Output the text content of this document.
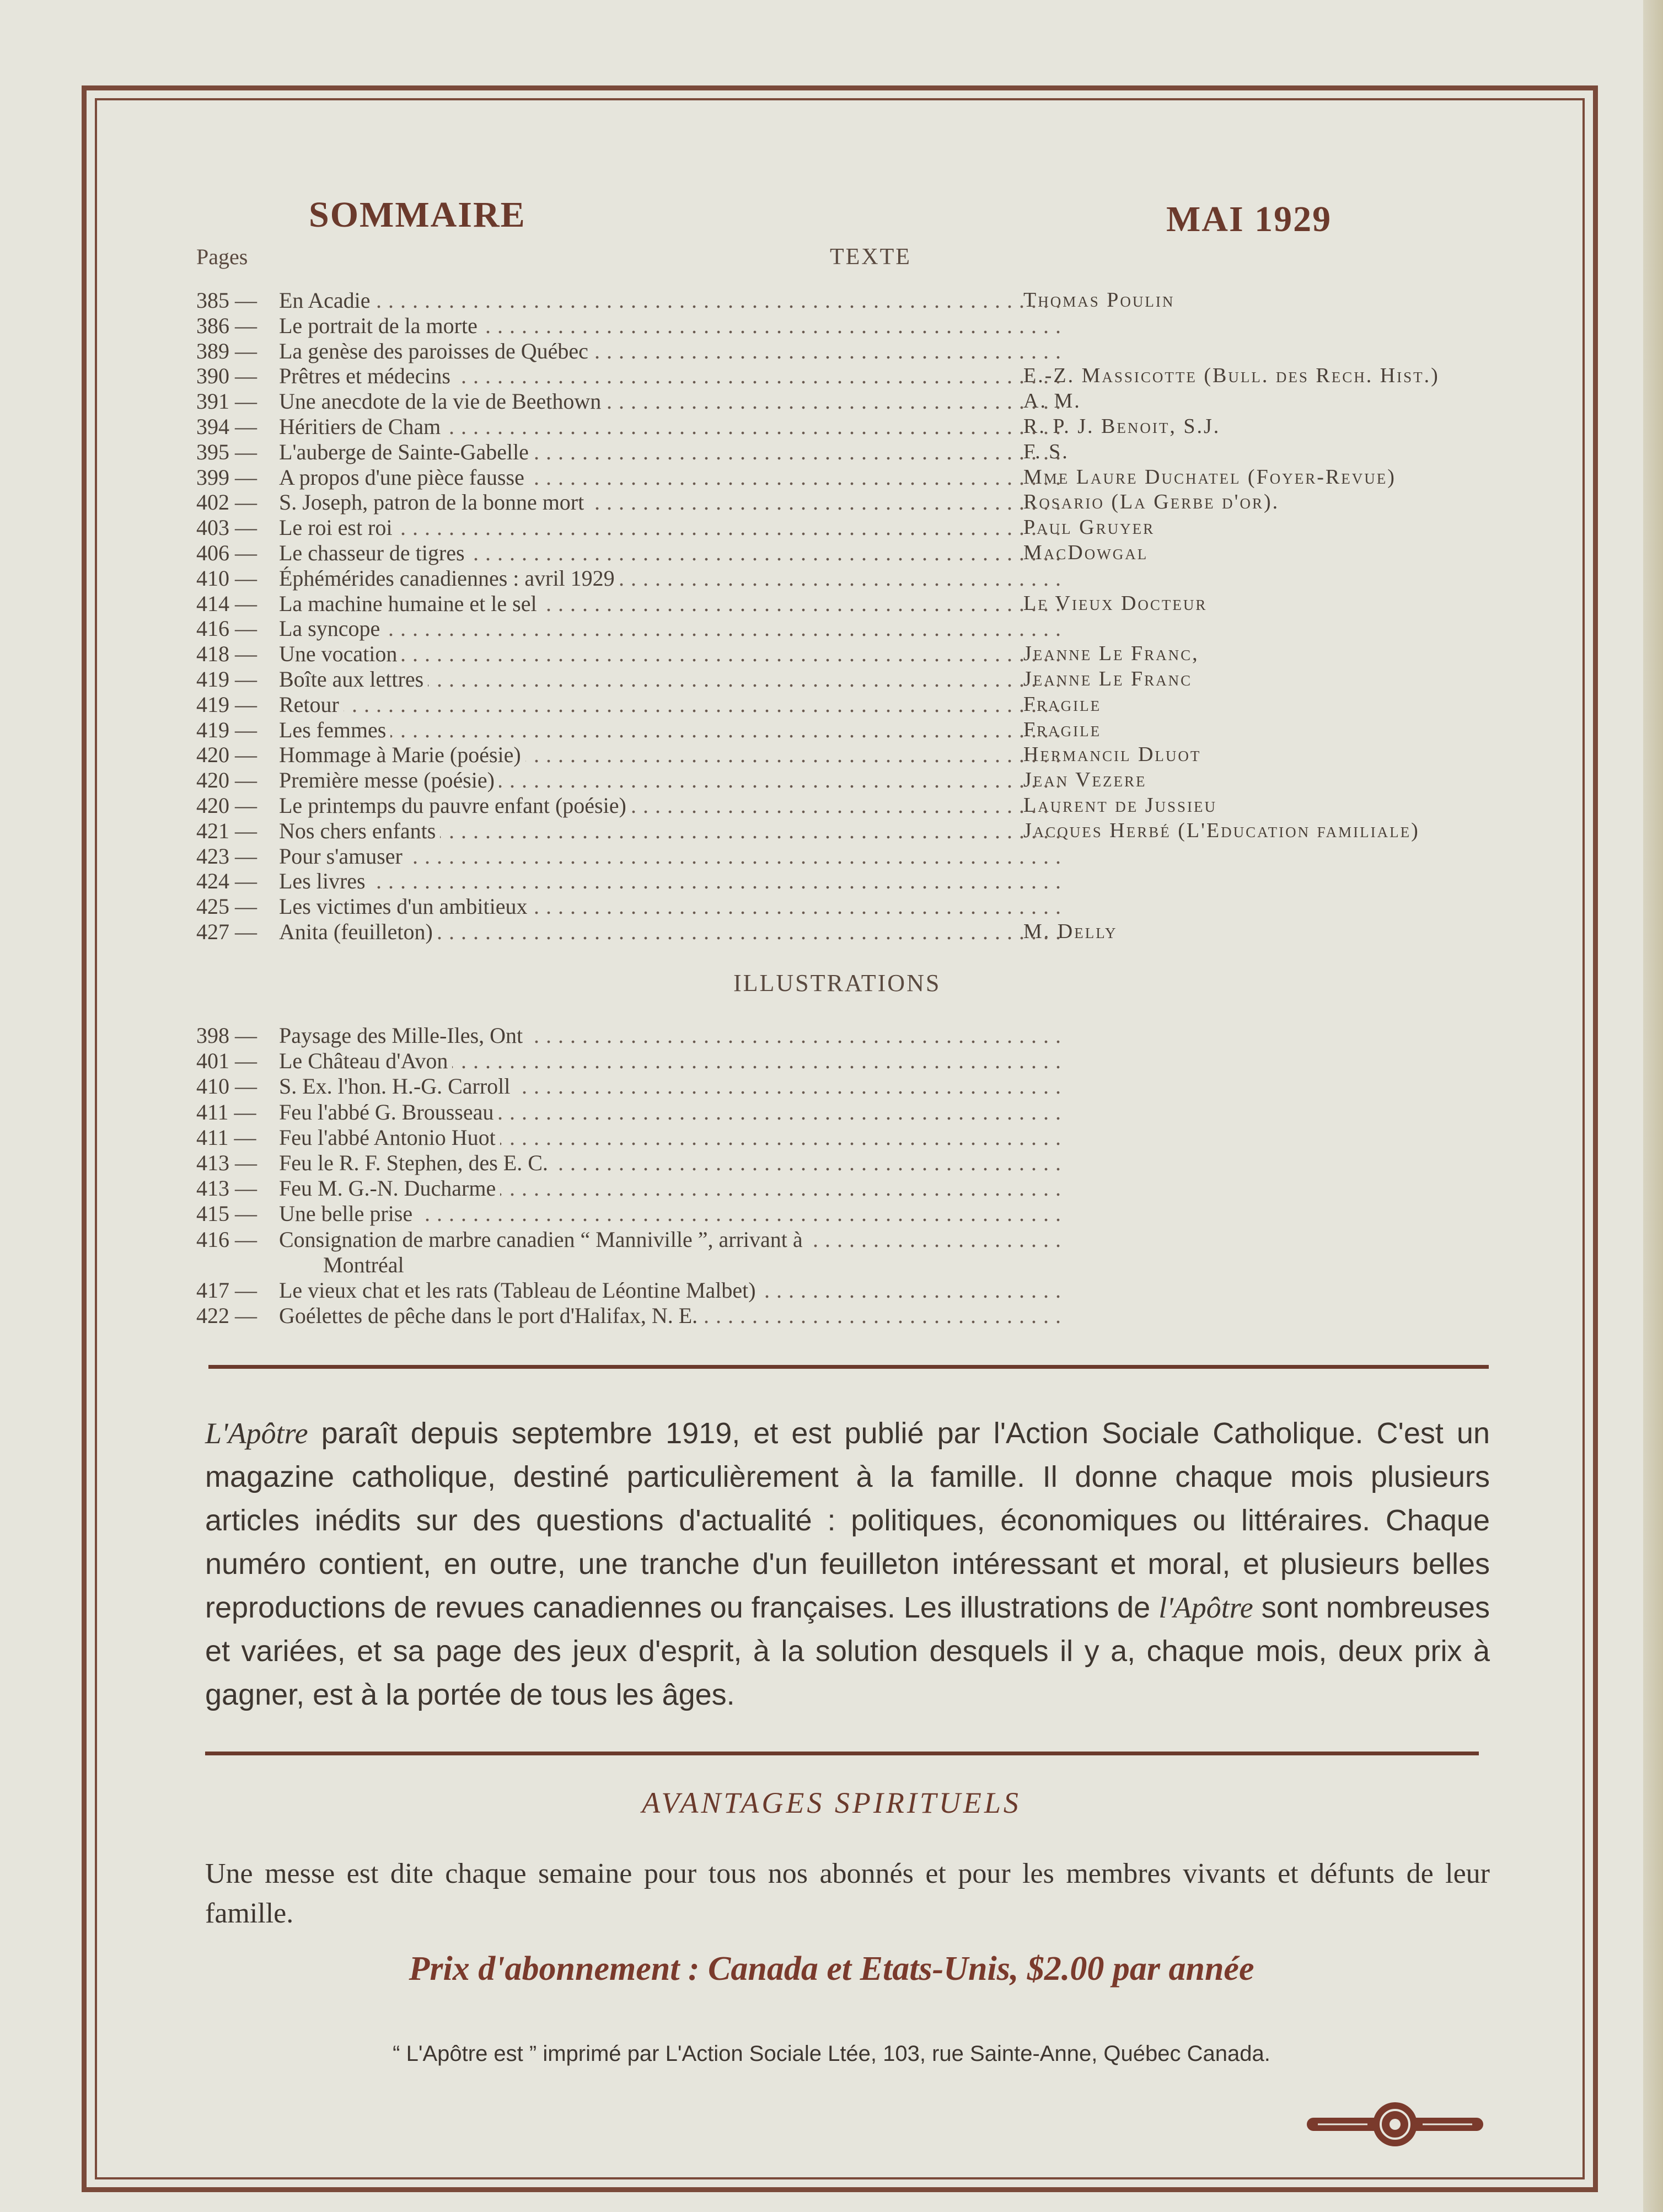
SOMMAIRE	MAI 1929
Pages	TEXTE
385 —	En Acadie . . .	Thomas Poulin
386 —	Le portrait de la morte . . .
389 —	La genèse des paroisses de Québec . . .
390 —	Prêtres et médecins . . .	E.-Z. Massicotte (Bull. des Rech. Hist.)
391 —	Une anecdote de la vie de Beethown . . .	A. M.
394 —	Héritiers de Cham . . .	R. P. J. Benoit, S.J.
395 —	L'auberge de Sainte-Gabelle . . .	F. S.
399 —	A propos d'une pièce fausse . . .	Mme Laure Duchatel (Foyer-Revue)
402 —	S. Joseph, patron de la bonne mort . . .	Rosario (La Gerbe d'or).
403 —	Le roi est roi . . .	Paul Gruyer
406 —	Le chasseur de tigres . . .	MacDowgal
410 —	Éphémérides canadiennes : avril 1929 . . .
414 —	La machine humaine et le sel . . .	Le Vieux Docteur
416 —	La syncope . . .
418 —	Une vocation . . .	Jeanne Le Franc,
419 —	Boîte aux lettres . . .	Jeanne Le Franc
419 —	Retour . . .	Fragile
419 —	Les femmes . . .	Fragile
420 —	Hommage à Marie (poésie) . . .	Hermancil Dluot
420 —	Première messe (poésie) . . .	Jean Vezere
420 —	Le printemps du pauvre enfant (poésie) . . .	Laurent de Jussieu
421 —	Nos chers enfants . . .	Jacques Herbé (L'Education familiale)
423 —	Pour s'amuser . . .
424 —	Les livres . . .
425 —	Les victimes d'un ambitieux . . .
427 —	Anita (feuilleton) . . .	M. Delly
ILLUSTRATIONS
398 —	Paysage des Mille-Iles, Ont . . .
401 —	Le Château d'Avon . . .
410 —	S. Ex. l'hon. H.-G. Carroll . . .
411 —	Feu l'abbé G. Brousseau . . .
411 —	Feu l'abbé Antonio Huot . . .
413 —	Feu le R. F. Stephen, des E. C. . . .
413 —	Feu M. G.-N. Ducharme . . .
415 —	Une belle prise . . .
416 —	Consignation de marbre canadien “ Manniville ”, arrivant à . . .
Montréal
417 —	Le vieux chat et les rats (Tableau de Léontine Malbet) . . .
422 —	Goélettes de pêche dans le port d'Halifax, N. E. . . .
L'Apôtre paraît depuis septembre 1919, et est publié par l'Action Sociale Catholique. C'est un magazine catholique, destiné particulièrement à la famille. Il donne chaque mois plusieurs articles inédits sur des questions d'actualité : politiques, économiques ou littéraires. Chaque numéro contient, en outre, une tranche d'un feuilleton intéressant et moral, et plusieurs belles reproductions de revues canadiennes ou françaises. Les illustrations de l'Apôtre sont nombreuses et variées, et sa page des jeux d'esprit, à la solution desquels il y a, chaque mois, deux prix à gagner, est à la portée de tous les âges.
AVANTAGES SPIRITUELS
Une messe est dite chaque semaine pour tous nos abonnés et pour les membres vivants et défunts de leur famille.
Prix d'abonnement : Canada et Etats-Unis, $2.00 par année
“ L'Apôtre est ” imprimé par L'Action Sociale Ltée, 103, rue Sainte-Anne, Québec Canada.
